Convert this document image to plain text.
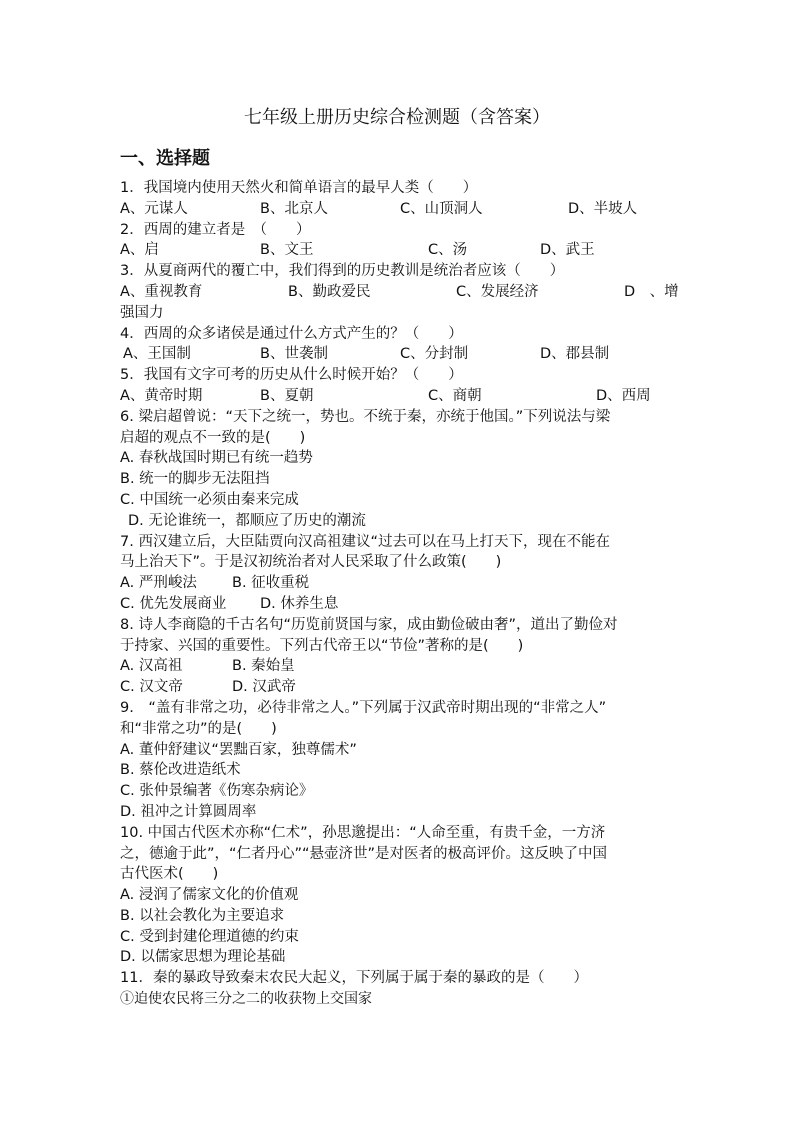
七年级上册历史综合检测题（含答案）
一、选择题
1．我国境内使用天然火和简单语言的最早人类（　　）
A、元谋人	B、北京人	C、山顶洞人	D、半坡人
2．西周的建立者是　（　　）
A、启	B、文王	C、汤	D、武王
3．从夏商两代的覆亡中，我们得到的历史教训是统治者应该（　　）
A、重视教育	B、勤政爱民	C、发展经济	D　、增
强国力
4．西周的众多诸侯是通过什么方式产生的？（　　）
A、王国制	B、世袭制	C、分封制	D、郡县制
5．我国有文字可考的历史从什么时候开始？（　　）
A、黄帝时期	B、夏朝	C、商朝	D、西周
6. 梁启超曾说：“天下之统一，势也。不统于秦，亦统于他国。”下列说法与梁
启超的观点不一致的是(　　)
A. 春秋战国时期已有统一趋势
B. 统一的脚步无法阻挡
C. 中国统一必须由秦来完成
D. 无论谁统一，都顺应了历史的潮流
7. 西汉建立后，大臣陆贾向汉高祖建议“过去可以在马上打天下，现在不能在
马上治天下”。于是汉初统治者对人民采取了什么政策(　　)
A. 严刑峻法 B. 征收重税
C. 优先发展商业 D. 休养生息
8. 诗人李商隐的千古名句“历览前贤国与家，成由勤俭破由奢”，道出了勤俭对
于持家、兴国的重要性。下列古代帝王以“节俭”著称的是(　　)
A. 汉高祖	B. 秦始皇
C. 汉文帝	D. 汉武帝
9.　“盖有非常之功，必待非常之人。”下列属于汉武帝时期出现的“非常之人”
和“非常之功”的是(　　)
A. 董仲舒建议“罢黜百家，独尊儒术”
B. 蔡伦改进造纸术
C. 张仲景编著《伤寒杂病论》
D. 祖冲之计算圆周率
10. 中国古代医术亦称“仁术”，孙思邈提出：“人命至重，有贵千金，一方济
之，德逾于此”，“仁者丹心”“悬壶济世”是对医者的极高评价。这反映了中国
古代医术(　　)
A. 浸润了儒家文化的价值观
B. 以社会教化为主要追求
C. 受到封建伦理道德的约束
D. 以儒家思想为理论基础
11．秦的暴政导致秦末农民大起义，下列属于属于秦的暴政的是（　　）
①迫使农民将三分之二的收获物上交国家
